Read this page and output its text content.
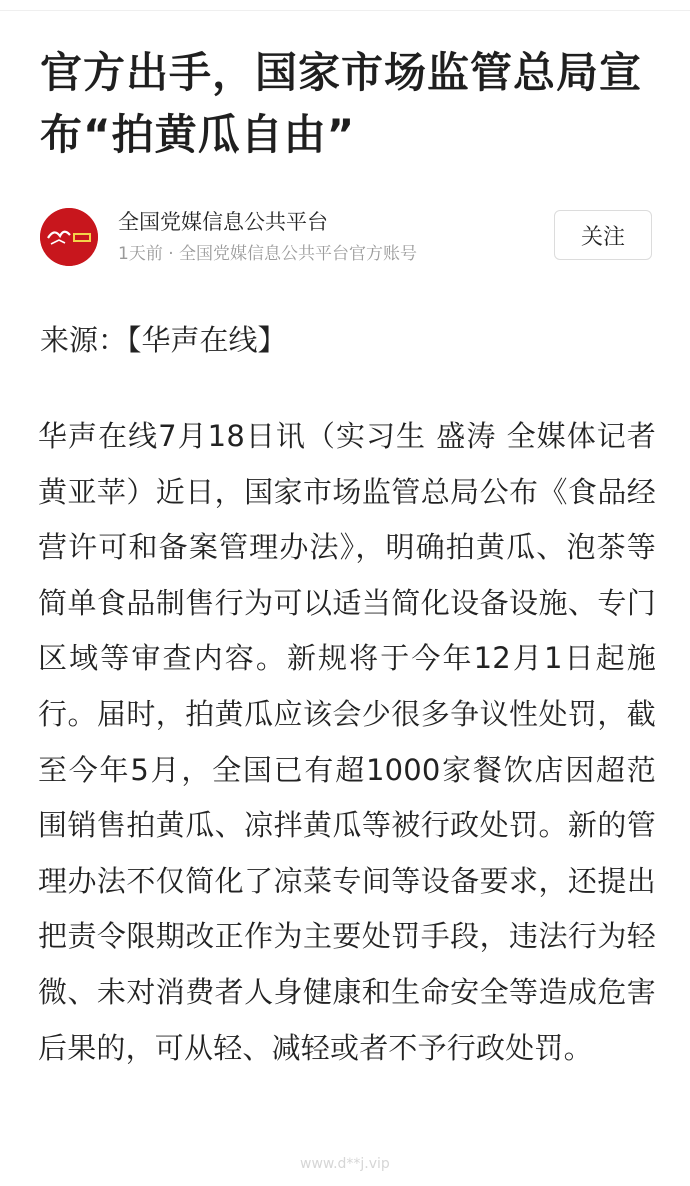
官方出手，国家市场监管总局宣布“拍黄瓜自由”
全国党媒信息公共平台
1天前 · 全国党媒信息公共平台官方账号
关注
来源：【华声在线】

华声在线7月18日讯（实习生 盛涛 全媒体记者 黄亚苹）近日，国家市场监管总局公布《食品经营许可和备案管理办法》，明确拍黄瓜、泡茶等简单食品制售行为可以适当简化设备设施、专门区域等审查内容。新规将于今年12月1日起施行。届时，拍黄瓜应该会少很多争议性处罚，截至今年5月，全国已有超1000家餐饮店因超范围销售拍黄瓜、凉拌黄瓜等被行政处罚。新的管理办法不仅简化了凉菜专间等设备要求，还提出把责令限期改正作为主要处罚手段，违法行为轻微、未对消费者人身健康和生命安全等造成危害后果的，可从轻、减轻或者不予行政处罚。

www.d**j.vip
